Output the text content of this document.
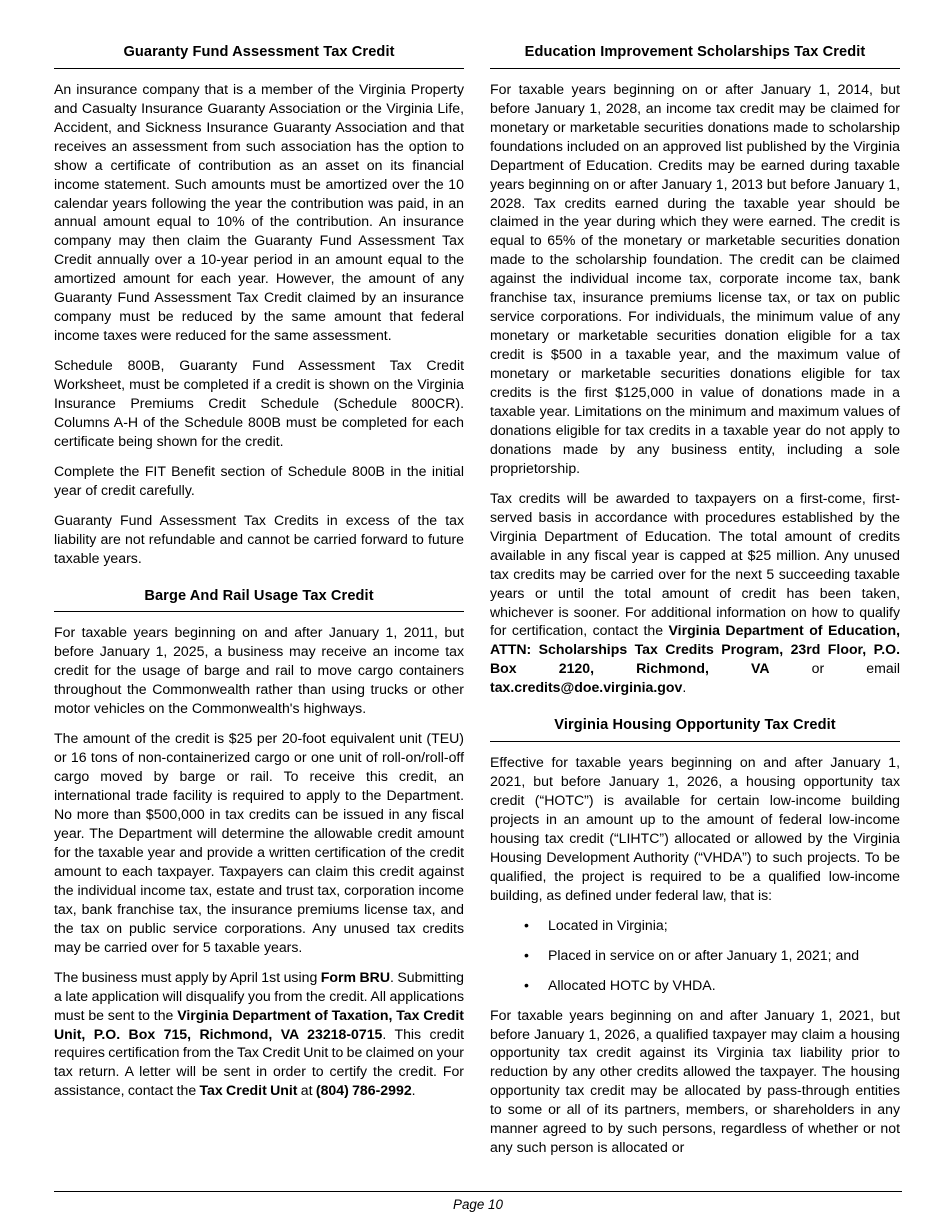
Guaranty Fund Assessment Tax Credit

An insurance company that is a member of the Virginia Property and Casualty Insurance Guaranty Association or the Virginia Life, Accident, and Sickness Insurance Guaranty Association and that receives an assessment from such association has the option to show a certificate of contribution as an asset on its financial income statement. Such amounts must be amortized over the 10 calendar years following the year the contribution was paid, in an annual amount equal to 10% of the contribution. An insurance company may then claim the Guaranty Fund Assessment Tax Credit annually over a 10-year period in an amount equal to the amortized amount for each year. However, the amount of any Guaranty Fund Assessment Tax Credit claimed by an insurance company must be reduced by the same amount that federal income taxes were reduced for the same assessment.

Schedule 800B, Guaranty Fund Assessment Tax Credit Worksheet, must be completed if a credit is shown on the Virginia Insurance Premiums Credit Schedule (Schedule 800CR). Columns A-H of the Schedule 800B must be completed for each certificate being shown for the credit.

Complete the FIT Benefit section of Schedule 800B in the initial year of credit carefully.

Guaranty Fund Assessment Tax Credits in excess of the tax liability are not refundable and cannot be carried forward to future taxable years.

Barge And Rail Usage Tax Credit

For taxable years beginning on and after January 1, 2011, but before January 1, 2025, a business may receive an income tax credit for the usage of barge and rail to move cargo containers throughout the Commonwealth rather than using trucks or other motor vehicles on the Commonwealth's highways.

The amount of the credit is $25 per 20-foot equivalent unit (TEU) or 16 tons of non-containerized cargo or one unit of roll-on/roll-off cargo moved by barge or rail. To receive this credit, an international trade facility is required to apply to the Department. No more than $500,000 in tax credits can be issued in any fiscal year. The Department will determine the allowable credit amount for the taxable year and provide a written certification of the credit amount to each taxpayer. Taxpayers can claim this credit against the individual income tax, estate and trust tax, corporation income tax, bank franchise tax, the insurance premiums license tax, and the tax on public service corporations. Any unused tax credits may be carried over for 5 taxable years.

The business must apply by April 1st using Form BRU. Submitting a late application will disqualify you from the credit. All applications must be sent to the Virginia Department of Taxation, Tax Credit Unit, P.O. Box 715, Richmond, VA 23218-0715. This credit requires certification from the Tax Credit Unit to be claimed on your tax return. A letter will be sent in order to certify the credit. For assistance, contact the Tax Credit Unit at (804) 786-2992.

Education Improvement Scholarships Tax Credit

For taxable years beginning on or after January 1, 2014, but before January 1, 2028, an income tax credit may be claimed for monetary or marketable securities donations made to scholarship foundations included on an approved list published by the Virginia Department of Education. Credits may be earned during taxable years beginning on or after January 1, 2013 but before January 1, 2028. Tax credits earned during the taxable year should be claimed in the year during which they were earned. The credit is equal to 65% of the monetary or marketable securities donation made to the scholarship foundation. The credit can be claimed against the individual income tax, corporate income tax, bank franchise tax, insurance premiums license tax, or tax on public service corporations. For individuals, the minimum value of any monetary or marketable securities donation eligible for a tax credit is $500 in a taxable year, and the maximum value of monetary or marketable securities donations eligible for tax credits is the first $125,000 in value of donations made in a taxable year. Limitations on the minimum and maximum values of donations eligible for tax credits in a taxable year do not apply to donations made by any business entity, including a sole proprietorship.

Tax credits will be awarded to taxpayers on a first-come, first-served basis in accordance with procedures established by the Virginia Department of Education. The total amount of credits available in any fiscal year is capped at $25 million. Any unused tax credits may be carried over for the next 5 succeeding taxable years or until the total amount of credit has been taken, whichever is sooner. For additional information on how to qualify for certification, contact the Virginia Department of Education, ATTN: Scholarships Tax Credits Program, 23rd Floor, P.O. Box 2120, Richmond, VA or email tax.credits@doe.virginia.gov.

Virginia Housing Opportunity Tax Credit

Effective for taxable years beginning on and after January 1, 2021, but before January 1, 2026, a housing opportunity tax credit (“HOTC”) is available for certain low-income building projects in an amount up to the amount of federal low-income housing tax credit (“LIHTC”) allocated or allowed by the Virginia Housing Development Authority (“VHDA”) to such projects. To be qualified, the project is required to be a qualified low-income building, as defined under federal law, that is:

• Located in Virginia;
• Placed in service on or after January 1, 2021; and
• Allocated HOTC by VHDA.

For taxable years beginning on and after January 1, 2021, but before January 1, 2026, a qualified taxpayer may claim a housing opportunity tax credit against its Virginia tax liability prior to reduction by any other credits allowed the taxpayer. The housing opportunity tax credit may be allocated by pass-through entities to some or all of its partners, members, or shareholders in any manner agreed to by such persons, regardless of whether or not any such person is allocated or

Page 10
